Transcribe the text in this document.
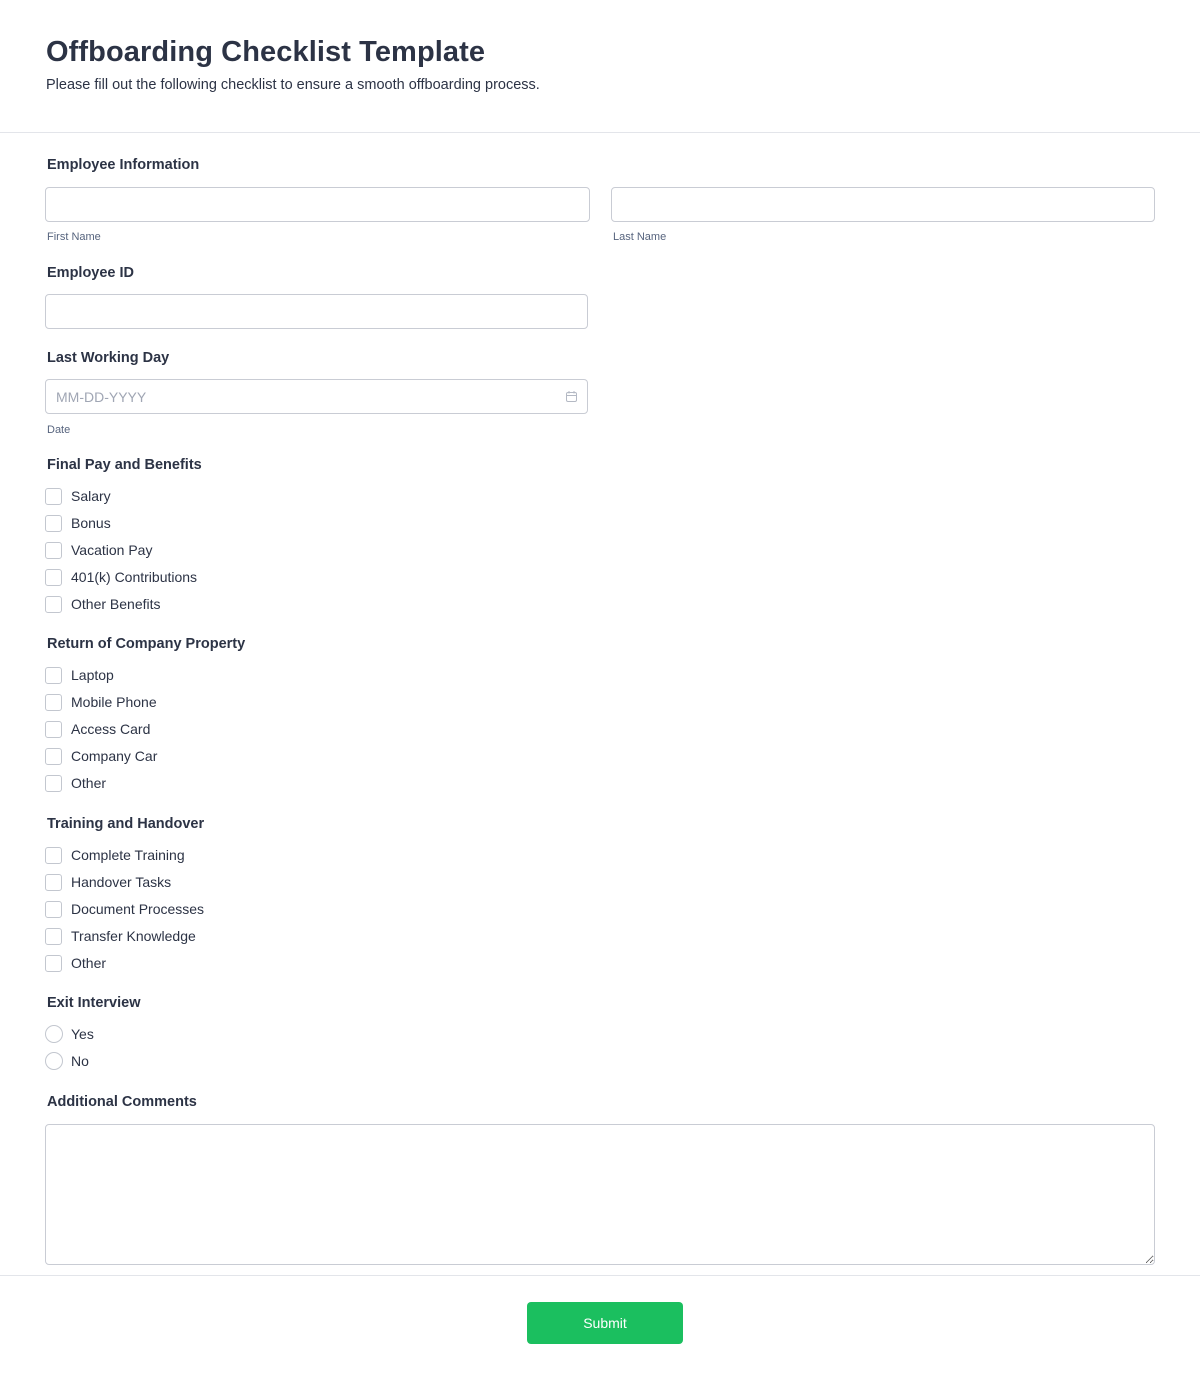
Offboarding Checklist Template
Please fill out the following checklist to ensure a smooth offboarding process.
Employee Information
First Name	Last Name
Employee ID
Last Working Day
MM-DD-YYYY
Date
Final Pay and Benefits
Salary
Bonus
Vacation Pay
401(k) Contributions
Other Benefits
Return of Company Property
Laptop
Mobile Phone
Access Card
Company Car
Other
Training and Handover
Complete Training
Handover Tasks
Document Processes
Transfer Knowledge
Other
Exit Interview
Yes
No
Additional Comments
Submit
